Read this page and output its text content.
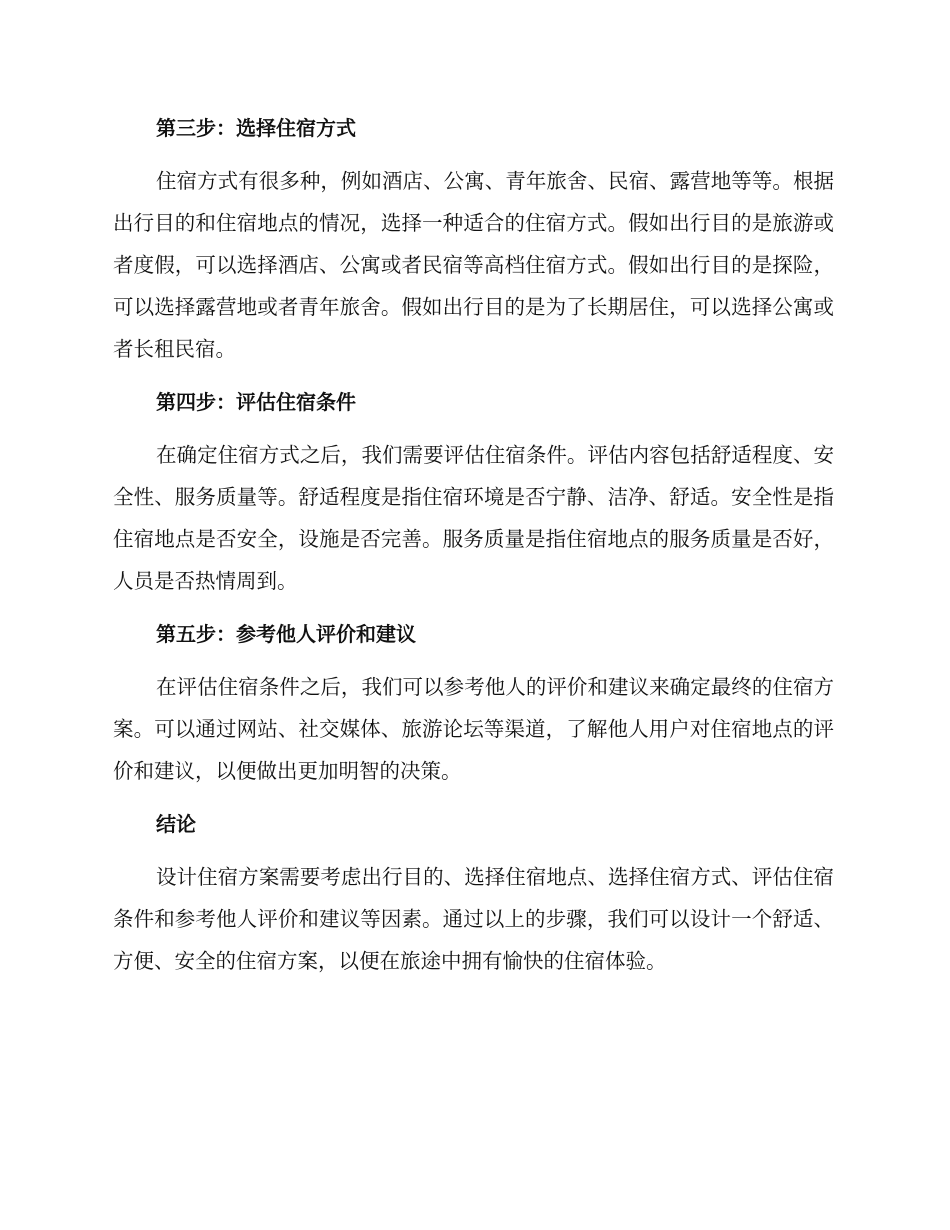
第三步：选择住宿方式

住宿方式有很多种，例如酒店、公寓、青年旅舍、民宿、露营地等等。根据出行目的和住宿地点的情况，选择一种适合的住宿方式。假如出行目的是旅游或者度假，可以选择酒店、公寓或者民宿等高档住宿方式。假如出行目的是探险，可以选择露营地或者青年旅舍。假如出行目的是为了长期居住，可以选择公寓或者长租民宿。

第四步：评估住宿条件

在确定住宿方式之后，我们需要评估住宿条件。评估内容包括舒适程度、安全性、服务质量等。舒适程度是指住宿环境是否宁静、洁净、舒适。安全性是指住宿地点是否安全，设施是否完善。服务质量是指住宿地点的服务质量是否好，人员是否热情周到。

第五步：参考他人评价和建议

在评估住宿条件之后，我们可以参考他人的评价和建议来确定最终的住宿方案。可以通过网站、社交媒体、旅游论坛等渠道，了解他人用户对住宿地点的评价和建议，以便做出更加明智的决策。

结论

设计住宿方案需要考虑出行目的、选择住宿地点、选择住宿方式、评估住宿条件和参考他人评价和建议等因素。通过以上的步骤，我们可以设计一个舒适、方便、安全的住宿方案，以便在旅途中拥有愉快的住宿体验。
